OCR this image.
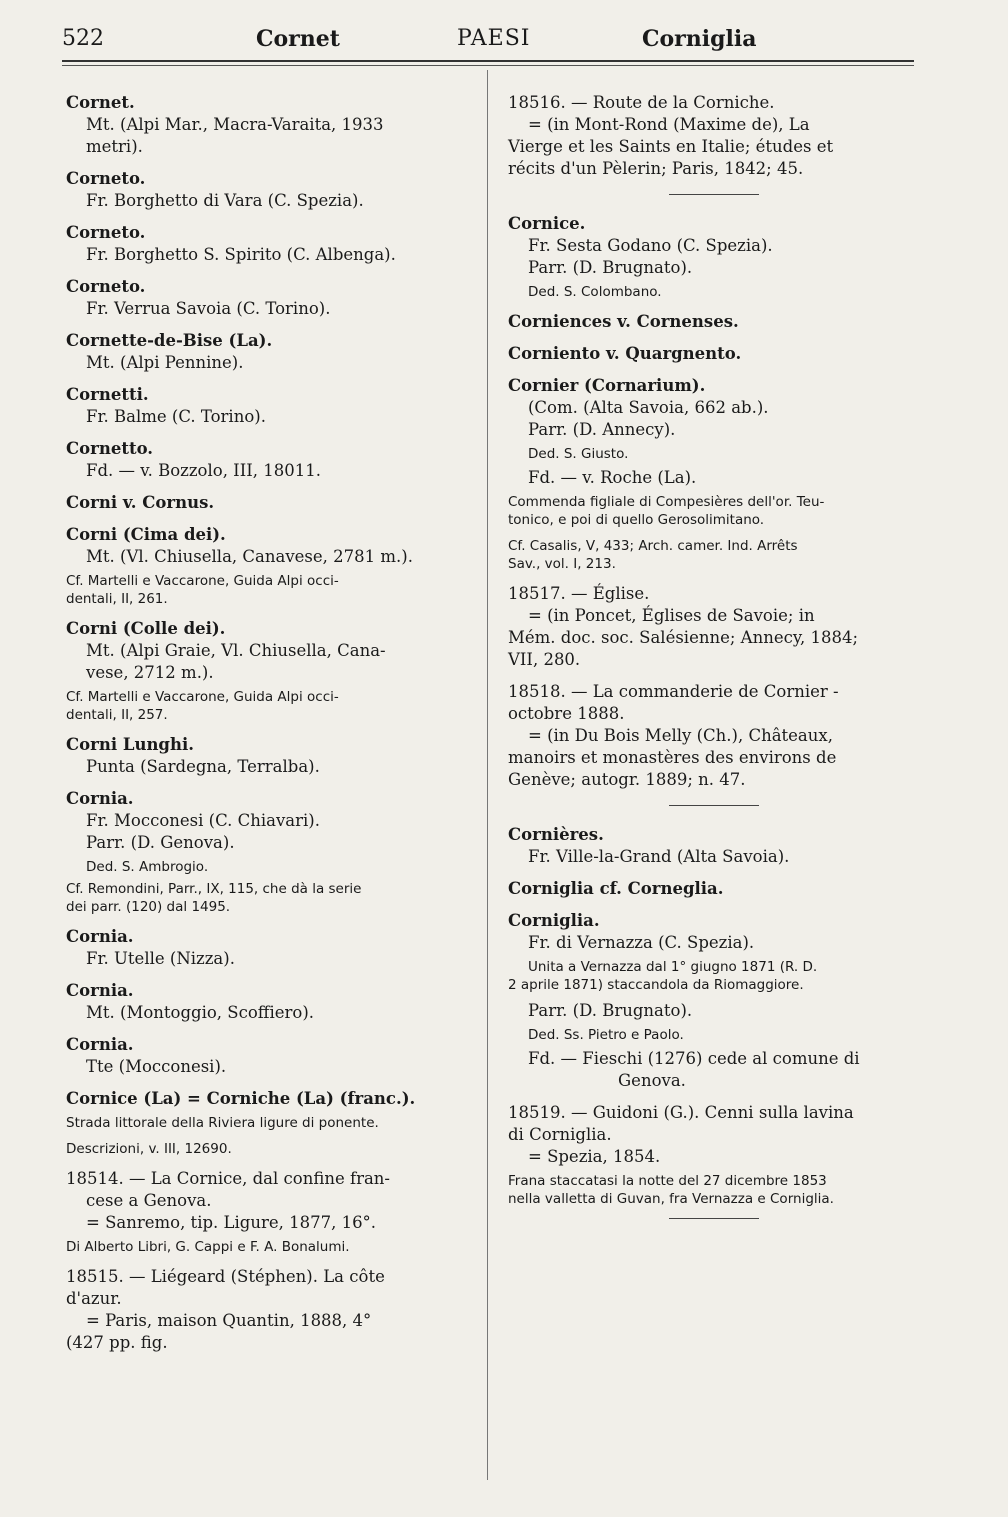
522	Cornet	PAESI	Corniglia
Cornet.
Mt. (Alpi Mar., Macra-Varaita, 1933
metri).
Corneto.
Fr. Borghetto di Vara (C. Spezia).
Corneto.
Fr. Borghetto S. Spirito (C. Albenga).
Corneto.
Fr. Verrua Savoia (C. Torino).
Cornette-de-Bise (La).
Mt. (Alpi Pennine).
Cornetti.
Fr. Balme (C. Torino).
Cornetto.
Fd. — v. Bozzolo, III, 18011.
Corni v. Cornus.
Corni (Cima dei).
Mt. (Vl. Chiusella, Canavese, 2781 m.).
Cf. Martelli e Vaccarone, Guida Alpi occi-
dentali, II, 261.
Corni (Colle dei).
Mt. (Alpi Graie, Vl. Chiusella, Cana-
vese, 2712 m.).
Cf. Martelli e Vaccarone, Guida Alpi occi-
dentali, II, 257.
Corni Lunghi.
Punta (Sardegna, Terralba).
Cornia.
Fr. Mocconesi (C. Chiavari).
Parr. (D. Genova).
Ded. S. Ambrogio.
Cf. Remondini, Parr., IX, 115, che dà la serie
dei parr. (120) dal 1495.
Cornia.
Fr. Utelle (Nizza).
Cornia.
Mt. (Montoggio, Scoffiero).
Cornia.
Tte (Mocconesi).
Cornice (La) = Corniche (La) (franc.).
Strada littorale della Riviera ligure di ponente.
Descrizioni, v. III, 12690.
18514. — La Cornice, dal confine fran-
cese a Genova.
= Sanremo, tip. Ligure, 1877, 16°.
Di Alberto Libri, G. Cappi e F. A. Bonalumi.
18515. — Liégeard (Stéphen). La côte
d'azur.
= Paris, maison Quantin, 1888, 4°
(427 pp. fig.
18516. — Route de la Corniche.
= (in Mont-Rond (Maxime de), La
Vierge et les Saints en Italie; études et
récits d'un Pèlerin; Paris, 1842; 45.
Cornice.
Fr. Sesta Godano (C. Spezia).
Parr. (D. Brugnato).
Ded. S. Colombano.
Corniences v. Cornenses.
Corniento v. Quargnento.
Cornier (Cornarium).
(Com. (Alta Savoia, 662 ab.).
Parr. (D. Annecy).
Ded. S. Giusto.
Fd. — v. Roche (La).
Commenda figliale di Compesières dell'or. Teu-
tonico, e poi di quello Gerosolimitano.
Cf. Casalis, V, 433; Arch. camer. Ind. Arrêts
Sav., vol. I, 213.
18517. — Église.
= (in Poncet, Églises de Savoie; in
Mém. doc. soc. Salésienne; Annecy, 1884;
VII, 280.
18518. — La commanderie de Cornier -
octobre 1888.
= (in Du Bois Melly (Ch.), Châteaux,
manoirs et monastères des environs de
Genève; autogr. 1889; n. 47.
Cornières.
Fr. Ville-la-Grand (Alta Savoia).
Corniglia cf. Corneglia.
Corniglia.
Fr. di Vernazza (C. Spezia).
Unita a Vernazza dal 1° giugno 1871 (R. D.
2 aprile 1871) staccandola da Riomaggiore.
Parr. (D. Brugnato).
Ded. Ss. Pietro e Paolo.
Fd. — Fieschi (1276) cede al comune di
Genova.
18519. — Guidoni (G.). Cenni sulla lavina
di Corniglia.
= Spezia, 1854.
Frana staccatasi la notte del 27 dicembre 1853
nella valletta di Guvan, fra Vernazza e Corniglia.
